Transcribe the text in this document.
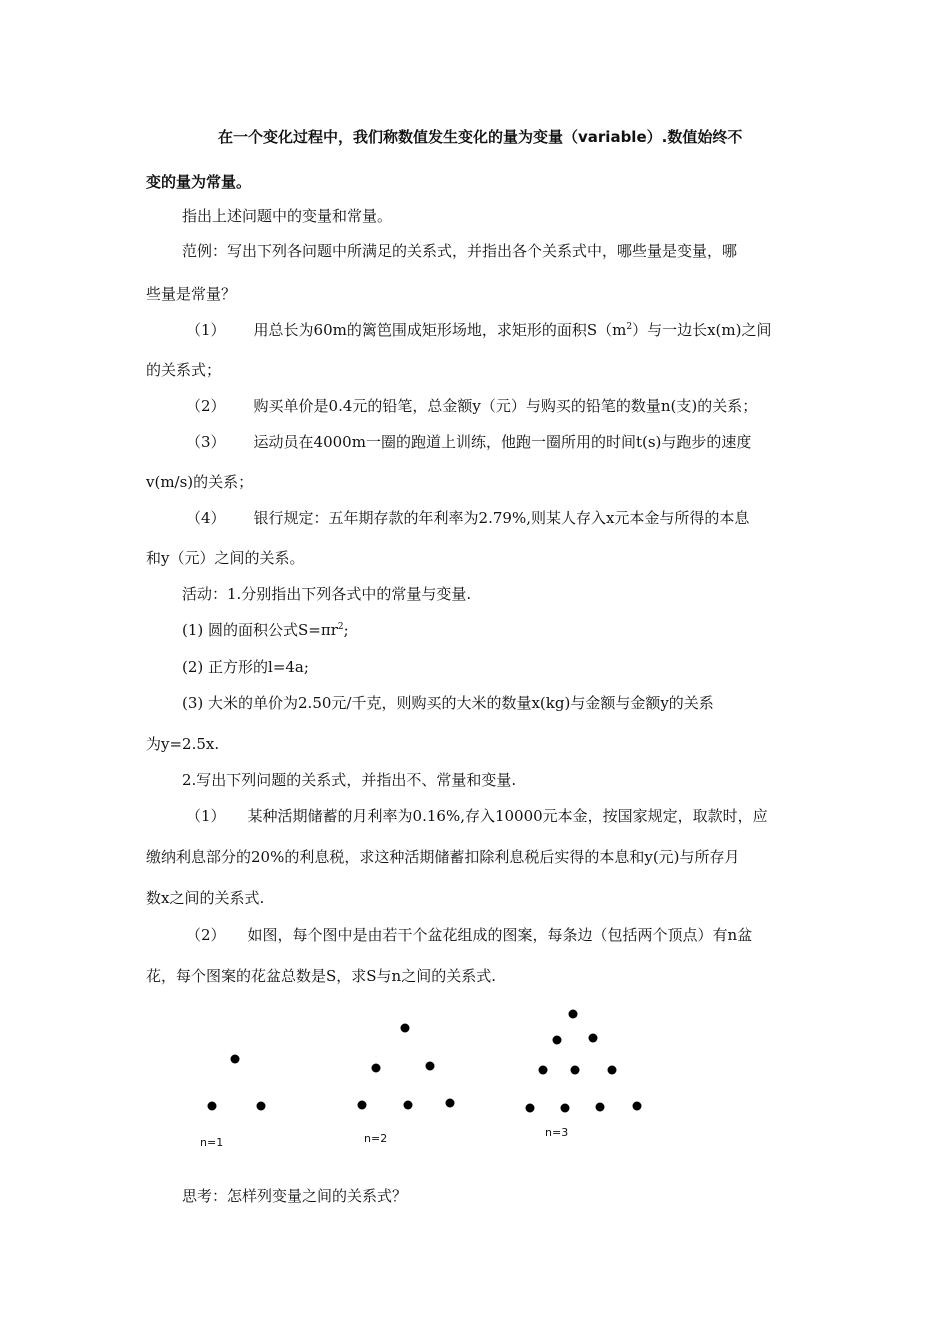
在一个变化过程中，我们称数值发生变化的量为变量（variable）.数值始终不
变的量为常量。
指出上述问题中的变量和常量。
范例：写出下列各问题中所满足的关系式，并指出各个关系式中，哪些量是变量，哪
些量是常量？
（1） 用总长为60m的篱笆围成矩形场地，求矩形的面积$S(m^2)$与一边长x(m)之间
的关系式；
（2） 购买单价是0.4元的铅笔，总金额y（元）与购买的铅笔的数量n(支)的关系；
（3） 运动员在4000m一圈的跑道上训练，他跑一圈所用的时间t(s)与跑步的速度
v(m/s)的关系；
（4） 银行规定：五年期存款的年利率为2.79%,则某人存入x元本金与所得的本息
和y（元）之间的关系。
活动：1.分别指出下列各式中的常量与变量.
(1) 圆的面积公式$S=\pi r^2$;
(2) 正方形的l=4a;
(3) 大米的单价为2.50元/千克，则购买的大米的数量x(kg)与金额与金额y的关系
为y=2.5x.
2.写出下列问题的关系式，并指出不、常量和变量.
（1） 某种活期储蓄的月利率为0.16%,存入10000元本金，按国家规定，取款时，应
缴纳利息部分的20%的利息税，求这种活期储蓄扣除利息税后实得的本息和y(元)与所存月
数x之间的关系式.
（2） 如图，每个图中是由若干个盆花组成的图案，每条边（包括两个顶点）有n盆
花，每个图案的花盆总数是S，求S与n之间的关系式.
n=1	n=2	n=3
思考：怎样列变量之间的关系式？
